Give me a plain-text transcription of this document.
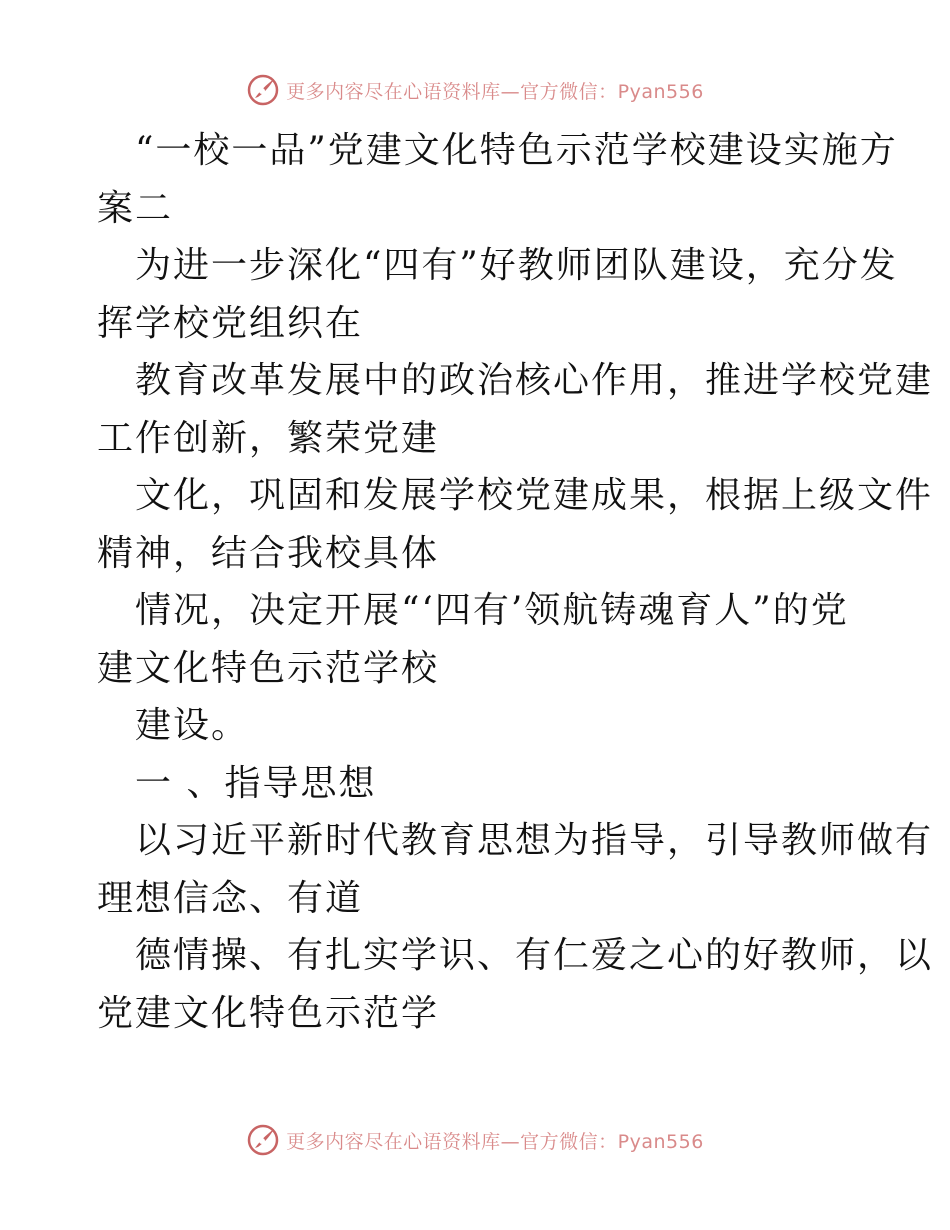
更多内容尽在心语资料库—官方微信：Pyan556
“一校一品”党建文化特色示范学校建设实施方
案二
为进一步深化“四有”好教师团队建设，充分发
挥学校党组织在
教育改革发展中的政治核心作用，推进学校党建
工作创新，繁荣党建
文化，巩固和发展学校党建成果，根据上级文件
精神，结合我校具体
情况，决定开展“‘四有’领航铸魂育人”的党
建文化特色示范学校
建设。
一 、指导思想
以习近平新时代教育思想为指导，引导教师做有
理想信念、有道
德情操、有扎实学识、有仁爱之心的好教师，以
党建文化特色示范学
更多内容尽在心语资料库—官方微信：Pyan556
